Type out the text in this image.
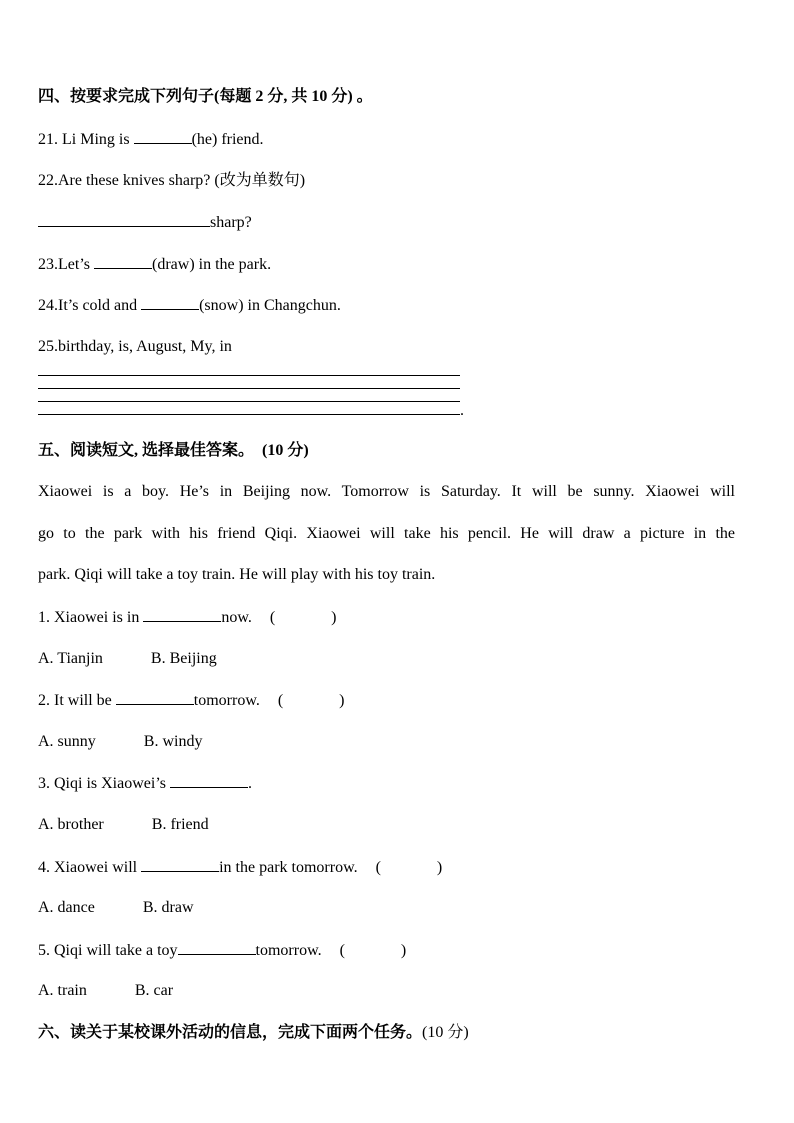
四、按要求完成下列句子(每题 2 分, 共 10 分) 。
21. Li Ming is	(he) friend.
22.Are these knives sharp? (改为单数句)
sharp?
23.Let’s	(draw) in the park.
24.It’s cold and	(snow) in Changchun.
25.birthday, is, August, My, in
.
五、阅读短文, 选择最佳答案。 (10 分)
Xiaowei is a boy. He’s in Beijing now. Tomorrow is Saturday. It will be sunny. Xiaowei will
go to the park with his friend Qiqi. Xiaowei will take his pencil. He will draw a picture in the
park. Qiqi will take a toy train. He will play with his toy train.
1. Xiaowei is in	now. (	)
A. Tianjin	B. Beijing
2. It will be	tomorrow. (	)
A. sunny	B. windy
3. Qiqi is Xiaowei’s	.
A. brother	B. friend
4. Xiaowei will	in the park tomorrow. (	)
A. dance	B. draw
5. Qiqi will take a toy	tomorrow. (	)
A. train	B. car
六、读关于某校课外活动的信息，完成下面两个任务。(10 分)
